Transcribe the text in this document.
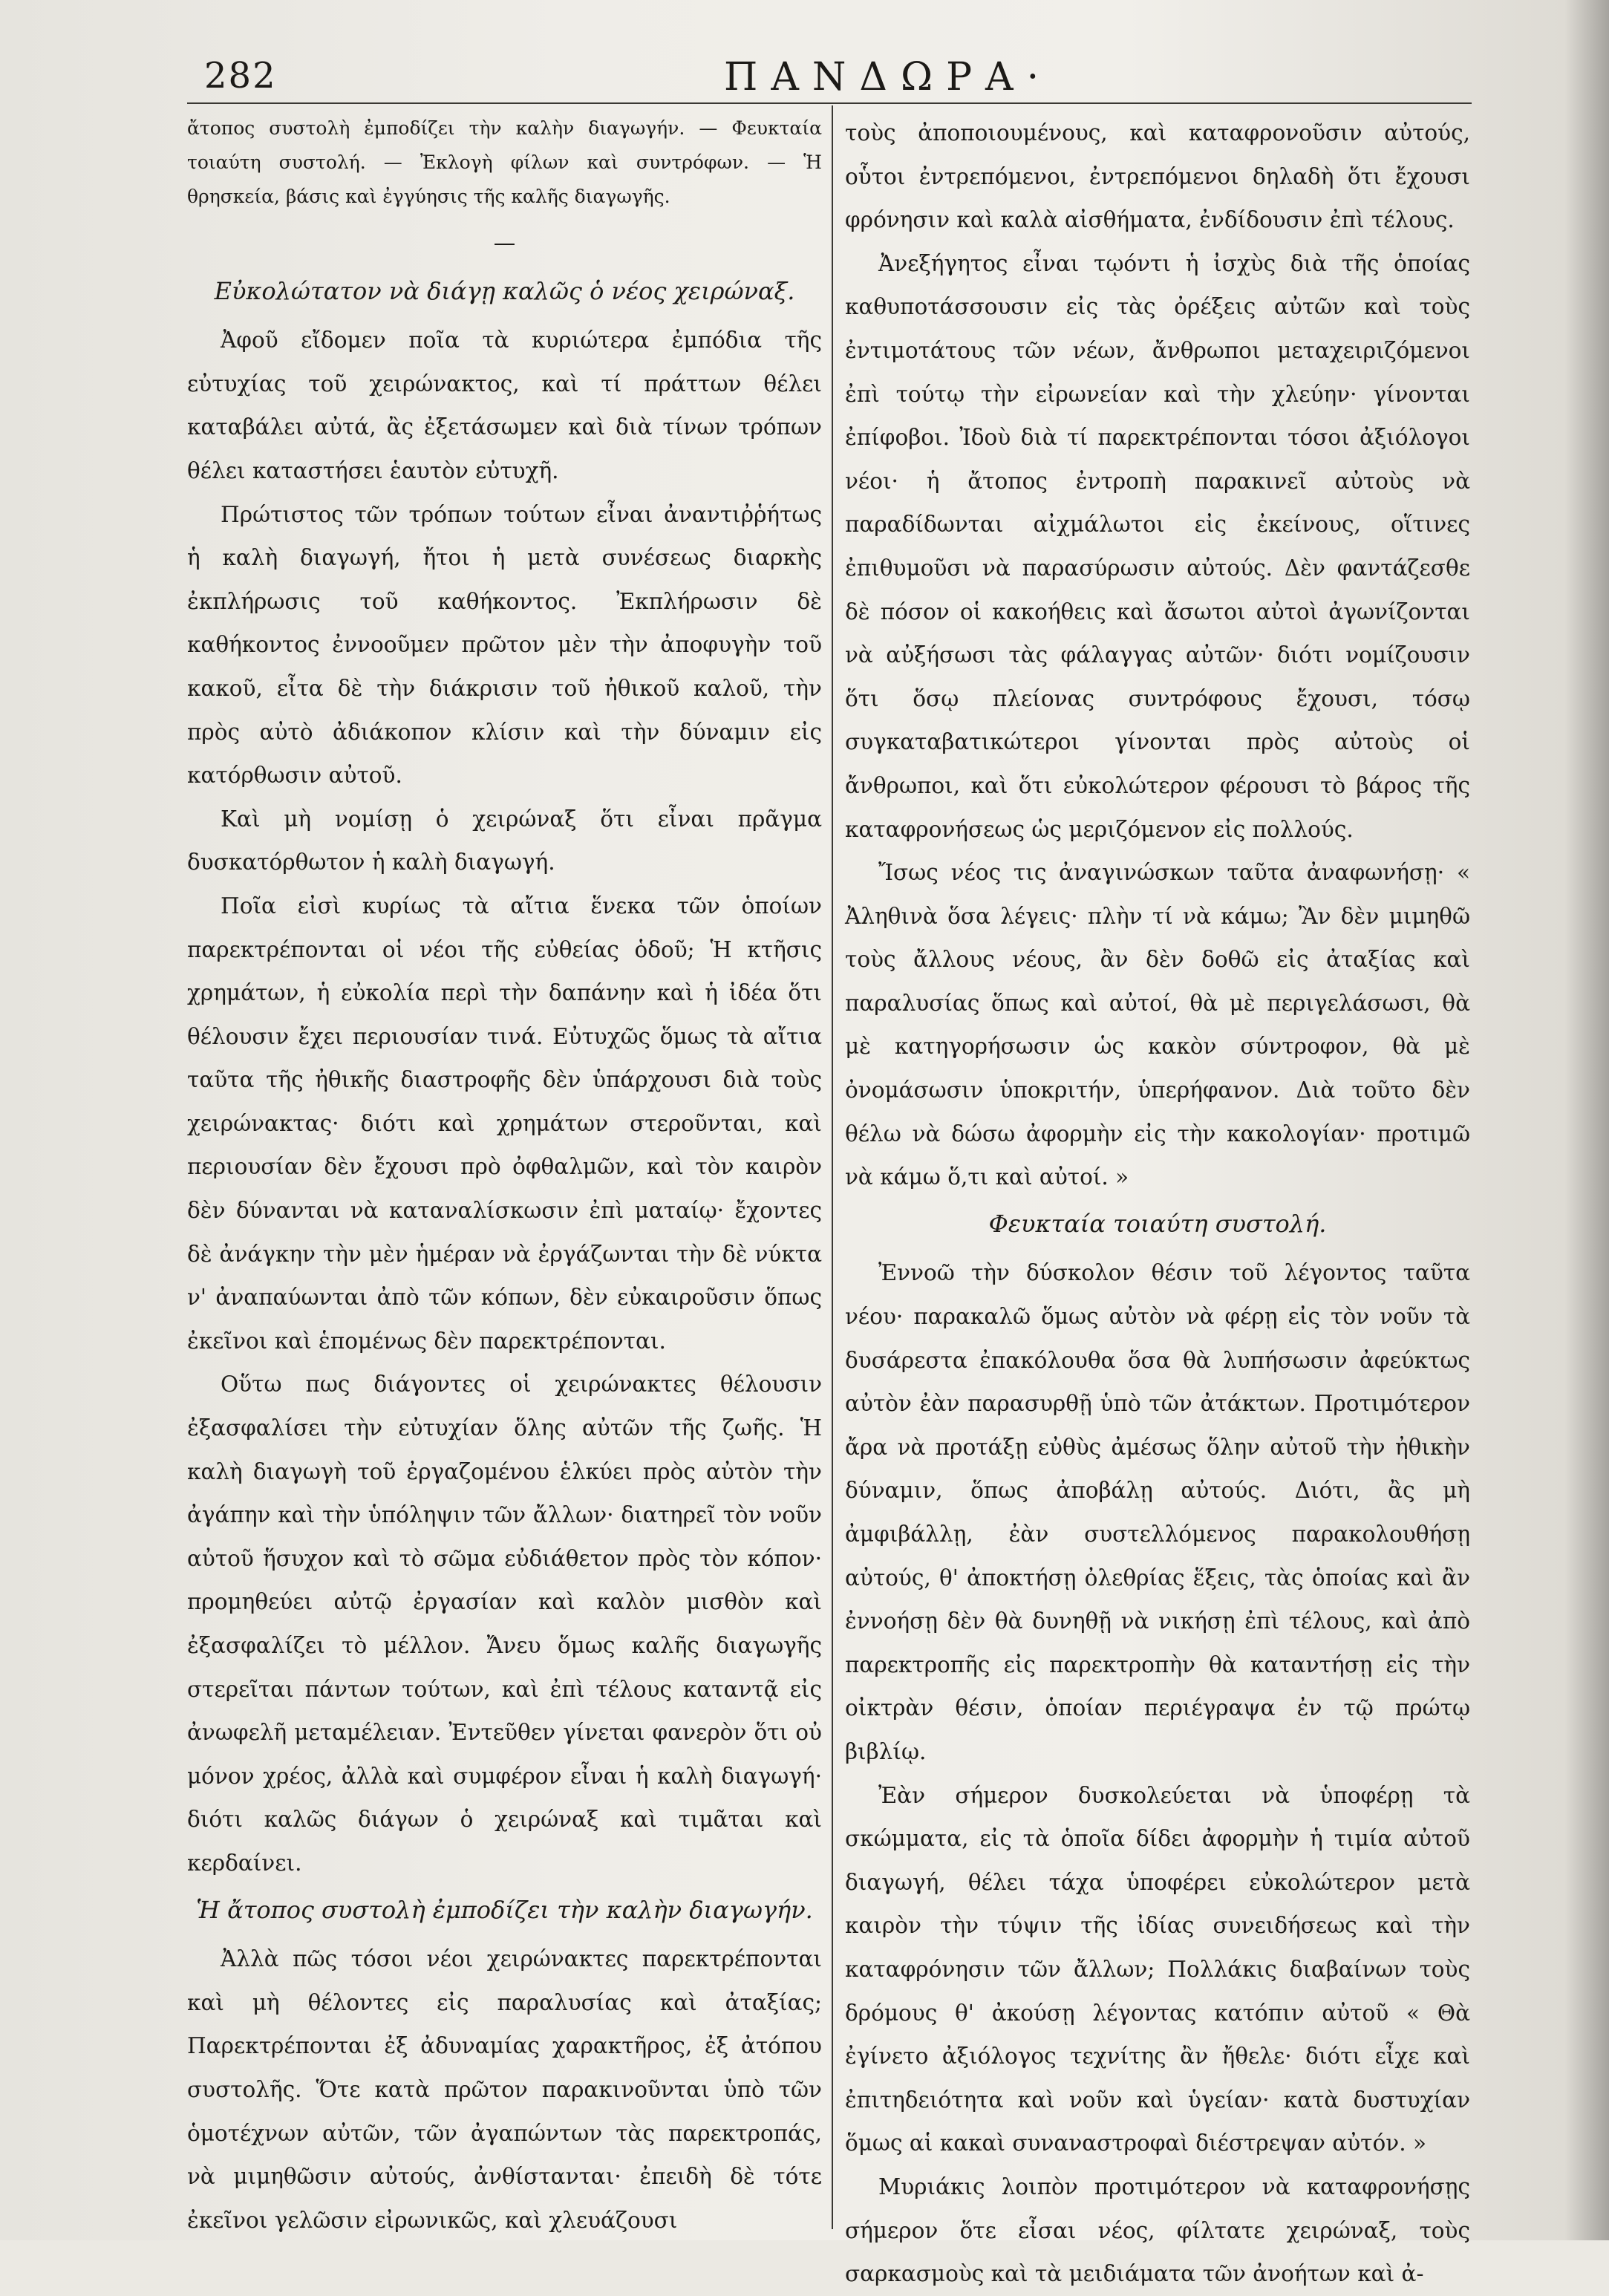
282	ΠΑΝΔΩΡΑ·

ἄτοπος συστολὴ ἐμποδίζει τὴν καλὴν διαγωγήν. — Φευκταία τοιαύτη συστολή. — Ἐκλογὴ φίλων καὶ συντρόφων. — Ἡ θρησκεία, βάσις καὶ ἐγγύησις τῆς καλῆς διαγωγῆς.

—

Εὐκολώτατον νὰ διάγῃ καλῶς ὁ νέος χειρώναξ.

Ἀφοῦ εἴδομεν ποῖα τὰ κυριώτερα ἐμπόδια τῆς εὐτυχίας τοῦ χειρώνακτος, καὶ τί πράττων θέλει καταβάλει αὐτά, ἂς ἐξετάσωμεν καὶ διὰ τίνων τρόπων θέλει καταστήσει ἑαυτὸν εὐτυχῆ.

Πρώτιστος τῶν τρόπων τούτων εἶναι ἀναντιῤῥήτως ἡ καλὴ διαγωγή, ἤτοι ἡ μετὰ συνέσεως διαρκὴς ἐκπλήρωσις τοῦ καθήκοντος. Ἐκπλήρωσιν δὲ καθήκοντος ἐννοοῦμεν πρῶτον μὲν τὴν ἀποφυγὴν τοῦ κακοῦ, εἶτα δὲ τὴν διάκρισιν τοῦ ἠθικοῦ καλοῦ, τὴν πρὸς αὐτὸ ἀδιάκοπον κλίσιν καὶ τὴν δύναμιν εἰς κατόρθωσιν αὐτοῦ.

Καὶ μὴ νομίσῃ ὁ χειρώναξ ὅτι εἶναι πρᾶγμα δυσκατόρθωτον ἡ καλὴ διαγωγή.

Ποῖα εἰσὶ κυρίως τὰ αἴτια ἕνεκα τῶν ὁποίων παρεκτρέπονται οἱ νέοι τῆς εὐθείας ὁδοῦ; Ἡ κτῆσις χρημάτων, ἡ εὐκολία περὶ τὴν δαπάνην καὶ ἡ ἰδέα ὅτι θέλουσιν ἔχει περιουσίαν τινά. Εὐτυχῶς ὅμως τὰ αἴτια ταῦτα τῆς ἠθικῆς διαστροφῆς δὲν ὑπάρχουσι διὰ τοὺς χειρώνακτας· διότι καὶ χρημάτων στεροῦνται, καὶ περιουσίαν δὲν ἔχουσι πρὸ ὀφθαλμῶν, καὶ τὸν καιρὸν δὲν δύνανται νὰ καταναλίσκωσιν ἐπὶ ματαίῳ· ἔχοντες δὲ ἀνάγκην τὴν μὲν ἡμέραν νὰ ἐργάζωνται τὴν δὲ νύκτα ν' ἀναπαύωνται ἀπὸ τῶν κόπων, δὲν εὐκαιροῦσιν ὅπως ἐκεῖνοι καὶ ἑπομένως δὲν παρεκτρέπονται.

Οὕτω πως διάγοντες οἱ χειρώνακτες θέλουσιν ἐξασφαλίσει τὴν εὐτυχίαν ὅλης αὐτῶν τῆς ζωῆς. Ἡ καλὴ διαγωγὴ τοῦ ἐργαζομένου ἑλκύει πρὸς αὐτὸν τὴν ἀγάπην καὶ τὴν ὑπόληψιν τῶν ἄλλων· διατηρεῖ τὸν νοῦν αὐτοῦ ἥσυχον καὶ τὸ σῶμα εὐδιάθετον πρὸς τὸν κόπον· προμηθεύει αὐτῷ ἐργασίαν καὶ καλὸν μισθὸν καὶ ἐξασφαλίζει τὸ μέλλον. Ἄνευ ὅμως καλῆς διαγωγῆς στερεῖται πάντων τούτων, καὶ ἐπὶ τέλους καταντᾷ εἰς ἀνωφελῆ μεταμέλειαν. Ἐντεῦθεν γίνεται φανερὸν ὅτι οὐ μόνον χρέος, ἀλλὰ καὶ συμφέρον εἶναι ἡ καλὴ διαγωγή· διότι καλῶς διάγων ὁ χειρώναξ καὶ τιμᾶται καὶ κερδαίνει.

Ἡ ἄτοπος συστολὴ ἐμποδίζει τὴν καλὴν διαγωγήν.

Ἀλλὰ πῶς τόσοι νέοι χειρώνακτες παρεκτρέπονται καὶ μὴ θέλοντες εἰς παραλυσίας καὶ ἀταξίας; Παρεκτρέπονται ἐξ ἀδυναμίας χαρακτῆρος, ἐξ ἀτόπου συστολῆς. Ὅτε κατὰ πρῶτον παρακινοῦνται ὑπὸ τῶν ὁμοτέχνων αὐτῶν, τῶν ἀγαπώντων τὰς παρεκτροπάς, νὰ μιμηθῶσιν αὐτούς, ἀνθίστανται· ἐπειδὴ δὲ τότε ἐκεῖνοι γελῶσιν εἰρωνικῶς, καὶ χλευάζουσι

τοὺς ἀποποιουμένους, καὶ καταφρονοῦσιν αὐτούς, οὗτοι ἐντρεπόμενοι, ἐντρεπόμενοι δηλαδὴ ὅτι ἔχουσι φρόνησιν καὶ καλὰ αἰσθήματα, ἐνδίδουσιν ἐπὶ τέλους.

Ἀνεξήγητος εἶναι τῳόντι ἡ ἰσχὺς διὰ τῆς ὁποίας καθυποτάσσουσιν εἰς τὰς ὀρέξεις αὐτῶν καὶ τοὺς ἐντιμοτάτους τῶν νέων, ἄνθρωποι μεταχειριζόμενοι ἐπὶ τούτῳ τὴν εἰρωνείαν καὶ τὴν χλεύην· γίνονται ἐπίφοβοι. Ἰδοὺ διὰ τί παρεκτρέπονται τόσοι ἀξιόλογοι νέοι· ἡ ἄτοπος ἐντροπὴ παρακινεῖ αὐτοὺς νὰ παραδίδωνται αἰχμάλωτοι εἰς ἐκείνους, οἵτινες ἐπιθυμοῦσι νὰ παρασύρωσιν αὐτούς. Δὲν φαντάζεσθε δὲ πόσον οἱ κακοήθεις καὶ ἄσωτοι αὐτοὶ ἀγωνίζονται νὰ αὐξήσωσι τὰς φάλαγγας αὐτῶν· διότι νομίζουσιν ὅτι ὅσῳ πλείονας συντρόφους ἔχουσι, τόσῳ συγκαταβατικώτεροι γίνονται πρὸς αὐτοὺς οἱ ἄνθρωποι, καὶ ὅτι εὐκολώτερον φέρουσι τὸ βάρος τῆς καταφρονήσεως ὡς μεριζόμενον εἰς πολλούς.

Ἴσως νέος τις ἀναγινώσκων ταῦτα ἀναφωνήσῃ· « Ἀληθινὰ ὅσα λέγεις· πλὴν τί νὰ κάμω; Ἂν δὲν μιμηθῶ τοὺς ἄλλους νέους, ἂν δὲν δοθῶ εἰς ἀταξίας καὶ παραλυσίας ὅπως καὶ αὐτοί, θὰ μὲ περιγελάσωσι, θὰ μὲ κατηγορήσωσιν ὡς κακὸν σύντροφον, θὰ μὲ ὀνομάσωσιν ὑποκριτήν, ὑπερήφανον. Διὰ τοῦτο δὲν θέλω νὰ δώσω ἀφορμὴν εἰς τὴν κακολογίαν· προτιμῶ νὰ κάμω ὅ,τι καὶ αὐτοί. »

Φευκταία τοιαύτη συστολή.

Ἐννοῶ τὴν δύσκολον θέσιν τοῦ λέγοντος ταῦτα νέου· παρακαλῶ ὅμως αὐτὸν νὰ φέρῃ εἰς τὸν νοῦν τὰ δυσάρεστα ἐπακόλουθα ὅσα θὰ λυπήσωσιν ἀφεύκτως αὐτὸν ἐὰν παρασυρθῇ ὑπὸ τῶν ἀτάκτων. Προτιμότερον ἄρα νὰ προτάξῃ εὐθὺς ἀμέσως ὅλην αὐτοῦ τὴν ἠθικὴν δύναμιν, ὅπως ἀποβάλῃ αὐτούς. Διότι, ἂς μὴ ἀμφιβάλλῃ, ἐὰν συστελλόμενος παρακολουθήσῃ αὐτούς, θ' ἀποκτήσῃ ὀλεθρίας ἕξεις, τὰς ὁποίας καὶ ἂν ἐννοήσῃ δὲν θὰ δυνηθῇ νὰ νικήσῃ ἐπὶ τέλους, καὶ ἀπὸ παρεκτροπῆς εἰς παρεκτροπὴν θὰ καταντήσῃ εἰς τὴν οἰκτρὰν θέσιν, ὁποίαν περιέγραψα ἐν τῷ πρώτῳ βιβλίῳ.

Ἐὰν σήμερον δυσκολεύεται νὰ ὑποφέρῃ τὰ σκώμματα, εἰς τὰ ὁποῖα δίδει ἀφορμὴν ἡ τιμία αὐτοῦ διαγωγή, θέλει τάχα ὑποφέρει εὐκολώτερον μετὰ καιρὸν τὴν τύψιν τῆς ἰδίας συνειδήσεως καὶ τὴν καταφρόνησιν τῶν ἄλλων; Πολλάκις διαβαίνων τοὺς δρόμους θ' ἀκούσῃ λέγοντας κατόπιν αὐτοῦ « Θὰ ἐγίνετο ἀξιόλογος τεχνίτης ἂν ἤθελε· διότι εἶχε καὶ ἐπιτηδειότητα καὶ νοῦν καὶ ὑγείαν· κατὰ δυστυχίαν ὅμως αἱ κακαὶ συναναστροφαὶ διέστρεψαν αὐτόν. »

Μυριάκις λοιπὸν προτιμότερον νὰ καταφρονήσῃς σήμερον ὅτε εἶσαι νέος, φίλτατε χειρώναξ, τοὺς σαρκασμοὺς καὶ τὰ μειδιάματα τῶν ἀνοήτων καὶ ἀ-
